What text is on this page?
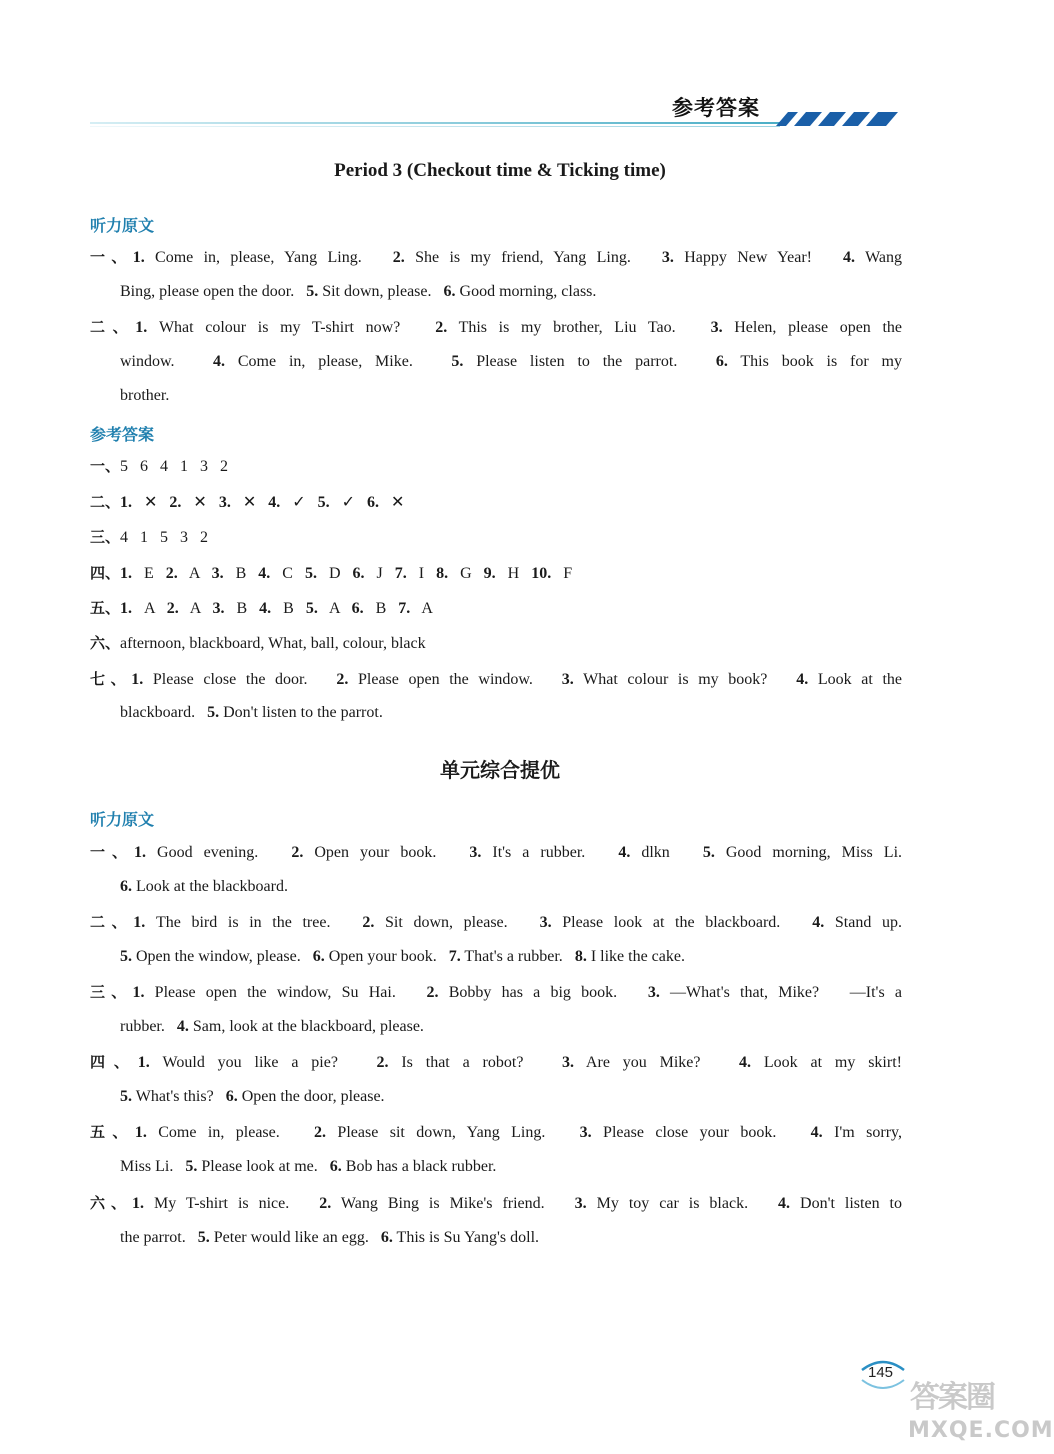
参考答案
Period 3 (Checkout time & Ticking time)
听力原文
一、1. Come in, please, Yang Ling.   2. She is my friend, Yang Ling.   3. Happy New Year!   4. Wang
Bing, please open the door.   5. Sit down, please.   6. Good morning, class.
二、1. What colour is my T-shirt now?   2. This is my brother, Liu Tao.   3. Helen, please open the
window.   4. Come in, please, Mike.   5. Please listen to the parrot.   6. This book is for my
brother.
参考答案
一、5 6 4 1 3 2
二、1. ✕ 2. ✕ 3. ✕ 4. ✓ 5. ✓ 6. ✕
三、4 1 5 3 2
四、1. E 2. A 3. B 4. C 5. D 6. J 7. I 8. G 9. H 10. F
五、1. A 2. A 3. B 4. B 5. A 6. B 7. A
六、afternoon, blackboard, What, ball, colour, black
七、1. Please close the door.   2. Please open the window.   3. What colour is my book?   4. Look at the
blackboard.   5. Don't listen to the parrot.
单元综合提优
听力原文
一、1. Good evening.   2. Open your book.   3. It's a rubber.   4. dlkn   5. Good morning, Miss Li.
6. Look at the blackboard.
二、1. The bird is in the tree.   2. Sit down, please.   3. Please look at the blackboard.   4. Stand up.
5. Open the window, please.   6. Open your book.   7. That's a rubber.   8. I like the cake.
三、1. Please open the window, Su Hai.   2. Bobby has a big book.   3. —What's that, Mike?   —It's a
rubber.   4. Sam, look at the blackboard, please.
四、1. Would you like a pie?   2. Is that a robot?   3. Are you Mike?   4. Look at my skirt!
5. What's this?   6. Open the door, please.
五、1. Come in, please.   2. Please sit down, Yang Ling.   3. Please close your book.   4. I'm sorry,
Miss Li.   5. Please look at me.   6. Bob has a black rubber.
六、1. My T-shirt is nice.   2. Wang Bing is Mike's friend.   3. My toy car is black.   4. Don't listen to
the parrot.   5. Peter would like an egg.   6. This is Su Yang's doll.
145
答案圈
MXQE.COM
